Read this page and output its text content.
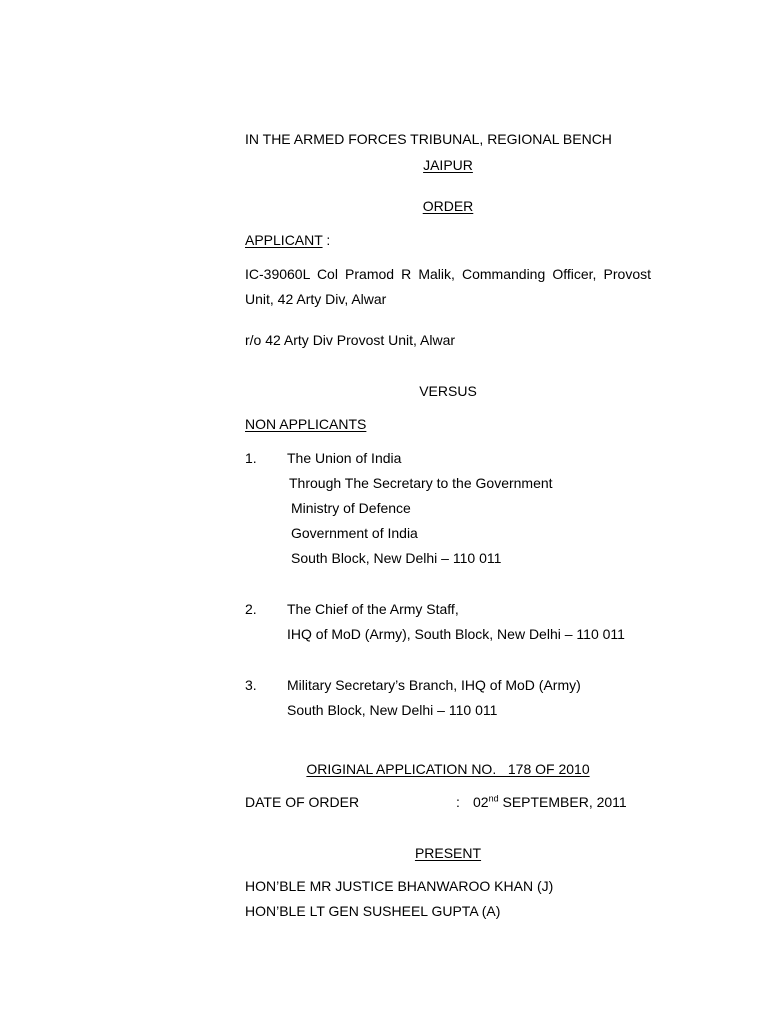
IN THE ARMED FORCES TRIBUNAL, REGIONAL BENCH
JAIPUR
ORDER
APPLICANT :
IC-39060L Col Pramod R Malik, Commanding Officer, Provost
Unit, 42 Arty Div, Alwar
r/o 42 Arty Div Provost Unit, Alwar
VERSUS
NON APPLICANTS
1. The Union of India
Through The Secretary to the Government
Ministry of Defence
Government of India
South Block, New Delhi – 110 011
2. The Chief of the Army Staff,
IHQ of MoD (Army), South Block, New Delhi – 110 011
3. Military Secretary’s Branch, IHQ of MoD (Army)
South Block, New Delhi – 110 011
ORIGINAL APPLICATION NO.   178 OF 2010
DATE OF ORDER	: 02nd SEPTEMBER, 2011
PRESENT
HON’BLE MR JUSTICE BHANWAROO KHAN (J)
HON’BLE LT GEN SUSHEEL GUPTA (A)
